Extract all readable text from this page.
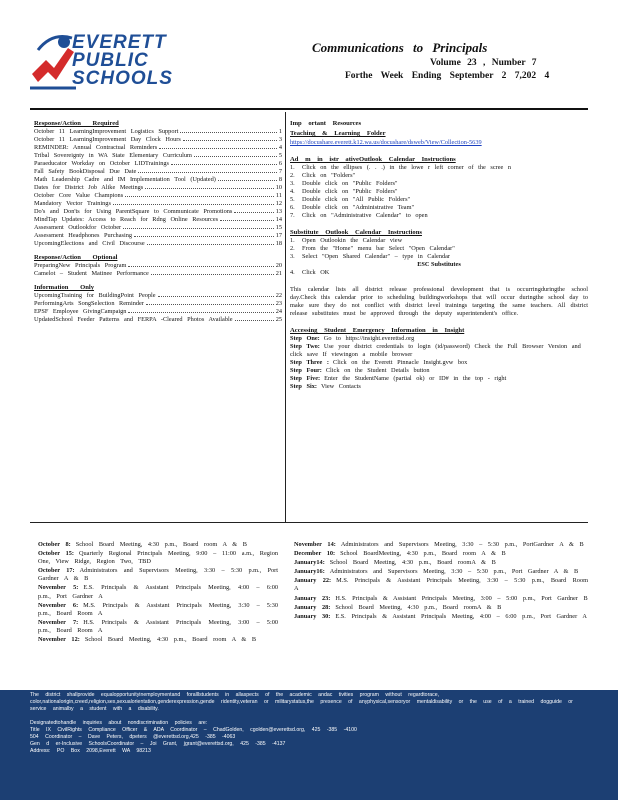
EVERETT
PUBLIC
SCHOOLS
Communications to Principals
Volume 23 , Number 7
Forthe Week Ending September 2 7,202 4
Response/Action Required
October 11 LearningImprovement Logistics Support	1
October 11 LearningImprovement Day Clock Hours	3
REMINDER: Annual Contractual Reminders	4
Tribal Sovereignty in WA State Elementary Curriculum	5
Paraeducator Workday on October LIDTrainings	6
Fall Safety BookDisposal Due Date	7
Math Leadership Cadre and IM Implementation Tool (Updated)	8
Dates for District Job Alike Meetings	10
October Core Value Champions	11
Mandatory Vector Trainings	12
Do's and Don'ts for Using ParentSquare to Communicate Promotions	13
MindTap Updates: Access to Reach for Rdng Online Resources	14
Assessment Outlookfor October	15
Assessment Headphones Purchasing	17
UpcomingElections and Civil Discourse	18
Response/Action Optional
PreparingNew Principals Program	20
Camelot – Student Matinee Performance	21
Information Only
UpcomingTraining for BuildingPoint People	22
PerformingArts SongSelection Reminder	23
EPSF Employee GivingCampaign	24
UpdatedSchool Feeder Patterns and FERPA -Cleared Photos Available	25
Imp ortant Resources
Teaching & Learning Folder
https://docushare.everett.k12.wa.us/docushare/dsweb/View/Collection-5639
Ad m in istr ativeOutlook Calendar Instructions
1.	Click on the ellipses (. . .) in the lowe r left corner of the scree n
2.	Click on "Folders"
3.	Double click on "Public Folders"
4.	Double click on "Public Folders"
5.	Double click on "All Public Folders"
6.	Double click on "Administrative Team"
7.	Click on "Administrative Calendar" to open
Substitute Outlook Calendar Instructions
1.	Open Outlookin the Calendar view
2.	From the "Home" menu bar Select "Open Calendar"
3.	Select "Open Shared Calendar" – type in Calendar
ESC Substitutes
4.	Click OK
This calendar lists all district release professional development that is occurringduringthe school day.Check this calendar prior to scheduling buildingworkshops that will occur duringthe school day to make sure they do not conflict with district level trainings targeting the same teachers. All district release substitutes must be approved through the deputy superintendent's office.
Accessing Student Emergency Information in Insight
Step One: Go to https://insight.everettsd.org
Step Two: Use your district credentials to login (id/password) Check the Full Browser Version and click save If viewingon a mobile browser
Step Three : Click on the Everett Pinnacle Insight.gvw box
Step Four: Click on the Student Details button
Step Five: Enter the StudentName (partial ok) or ID# in the top - right
Step Six: View Contacts
October 8: School Board Meeting, 4:30 p.m., Board room A & B
October 15: Quarterly Regional Principals Meeting, 9:00 – 11:00 a.m., Region One, View Ridge, Region Two, TBD
October 17: Administrators and Supervisors Meeting, 3:30 – 5:30 p.m., Port Gardner A & B
November 5: E.S. Principals & Assistant Principals Meeting, 4:00 – 6:00 p.m., Port Gardner A
November 6: M.S. Principals & Assistant Principals Meeting, 3:30 – 5:30 p.m., Board Room A
November 7: H.S. Principals & Assistant Principals Meeting, 3:00 – 5:00 p.m., Board Room A
November 12: School Board Meeting, 4:30 p.m., Board room A & B
November 14: Administrators and Supervisors Meeting, 3:30 – 5:30 p.m., PortGardner A & B
December 10: School BoardMeeting, 4:30 p.m., Board room A & B
January14: School Board Meeting, 4:30 p.m., Board roomA & B
January16: Administrators and Supervisors Meeting, 3:30 – 5:30 p.m., Port Gardner A & B
January 22: M.S. Principals & Assistant Principals Meeting, 3:30 – 5:30 p.m., Board Room A
January 23: H.S. Principals & Assistant Principals Meeting, 3:00 – 5:00 p.m., Port Gardner B
January 28: School Board Meeting, 4:30 p.m., Board roomA & B
January 30: E.S. Principals & Assistant Principals Meeting, 4:00 – 6:00 p.m., Port Gardner A

The district shallprovide equalopportunityinemploymentand foralllstudents in allaspects of the academic andac tivities program without regardtorace, color,nationalorigin,creed,religion,sex,sexualorientation,genderexpression,gende ridentity,veteran or militarystatus,the presence of anyphysical,sensoryor mentaldisability or the use of a trained dogguide or service animalby a student with a disability.

Designatedtohandle inquiries about nondiscrimination policies are:

Title IX CivilRights Compliance Officer & ADA Coordinator – ChadGolden, cgolden@everettsd.org, 425 -385 -4100

504 Coordinator – Dave Peters, dpeters @everettsd.org,425 -385 -4063

Gen d er-Inclusive SchoolsCoordinator – Joi Grant, jgrant@everettsd.org, 425 -385 -4137

Address: PO Box 2098,Everett WA 98213
